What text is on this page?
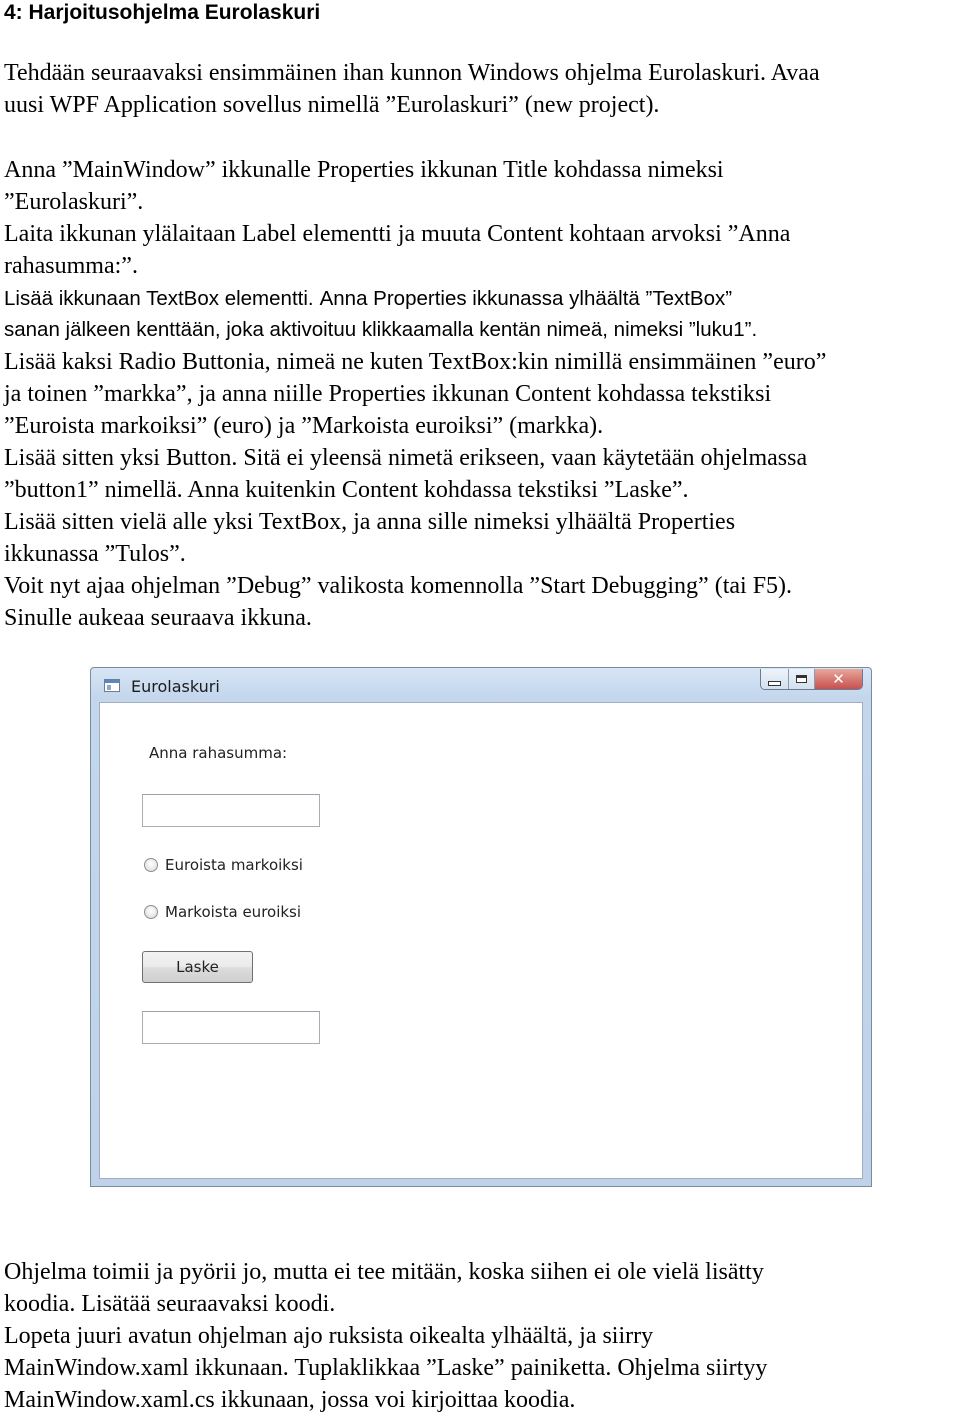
4: Harjoitusohjelma Eurolaskuri
Tehdään seuraavaksi ensimmäinen ihan kunnon Windows ohjelma Eurolaskuri. Avaa
uusi WPF Application sovellus nimellä ”Eurolaskuri” (new project).
Anna ”MainWindow” ikkunalle Properties ikkunan Title kohdassa nimeksi
”Eurolaskuri”.
Laita ikkunan ylälaitaan Label elementti ja muuta Content kohtaan arvoksi ”Anna
rahasumma:”.
Lisää ikkunaan TextBox elementti. Anna Properties ikkunassa ylhäältä ”TextBox”
sanan jälkeen kenttään, joka aktivoituu klikkaamalla kentän nimeä, nimeksi ”luku1”.
Lisää kaksi Radio Buttonia, nimeä ne kuten TextBox:kin nimillä ensimmäinen ”euro”
ja toinen ”markka”, ja anna niille Properties ikkunan Content kohdassa tekstiksi
”Euroista markoiksi” (euro) ja ”Markoista euroiksi” (markka).
Lisää sitten yksi Button. Sitä ei yleensä nimetä erikseen, vaan käytetään ohjelmassa
”button1” nimellä. Anna kuitenkin Content kohdassa tekstiksi ”Laske”.
Lisää sitten vielä alle yksi TextBox, ja anna sille nimeksi ylhäältä Properties
ikkunassa ”Tulos”.
Voit nyt ajaa ohjelman ”Debug” valikosta komennolla ”Start Debugging” (tai F5).
Sinulle aukeaa seuraava ikkuna.
Eurolaskuri	✕
Anna rahasumma:
Euroista markoiksi
Markoista euroiksi
Laske
Ohjelma toimii ja pyörii jo, mutta ei tee mitään, koska siihen ei ole vielä lisätty
koodia. Lisätää seuraavaksi koodi.
Lopeta juuri avatun ohjelman ajo ruksista oikealta ylhäältä, ja siirry
MainWindow.xaml ikkunaan. Tuplaklikkaa ”Laske” painiketta. Ohjelma siirtyy
MainWindow.xaml.cs ikkunaan, jossa voi kirjoittaa koodia.
